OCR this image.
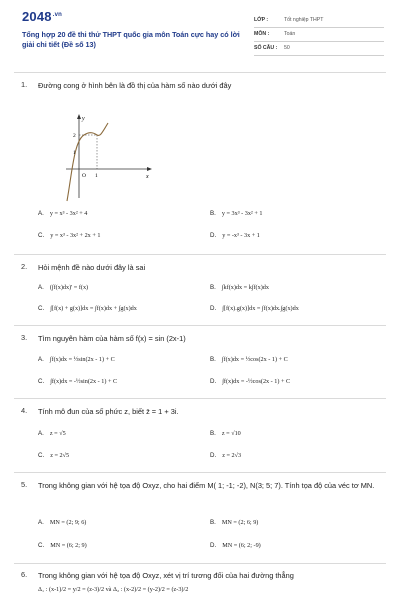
$2048^{.vn}$
Tổng hợp 20 đề thi thử THPT quốc gia môn Toán cực hay có lời giải chi tiết (Đề số 13)
LỚP :	Tốt nghiệp THPT
MÔN :	Toán
SỐ CÂU : 50
1. Đường cong ở hình bên là đồ thị của hàm số nào dưới đây
y
x
O 1
2
1
A. y = x³ - 3x² + 4	B. y = 3x³ - 3x² + 1
C. y = x³ - 3x² + 2x + 1	D. y = -x³ - 3x + 1
2. Hỏi mệnh đề nào dưới đây là sai
A. (∫f(x)dx)' = f(x)	B. ∫kf(x)dx = k∫f(x)dx
C. ∫[f(x) + g(x)]dx = ∫f(x)dx + ∫g(x)dx	D. ∫[f(x).g(x)]dx = ∫f(x)dx.∫g(x)dx
3. Tìm nguyên hàm của hàm số f(x) = sin (2x-1)
A. ∫f(x)dx = ½sin(2x - 1) + C	B. ∫f(x)dx = ½cos(2x - 1) + C
C. ∫f(x)dx = -½sin(2x - 1) + C	D. ∫f(x)dx = -½cos(2x - 1) + C
4. Tính mô đun của số phức z, biết z̄ = 1 + 3i.
A. z = √5	B. z = √10
C. z = 2√5	D. z = 2√3
5. Trong không gian với hệ tọa độ Oxyz, cho hai điểm M( 1; -1; -2), N(3; 5; 7). Tính tọa độ của véc tơ MN.
A. MN = (2; 9; 6)	B. MN = (2; 6; 9)
C. MN = (6; 2; 9)	D. MN = (6; 2; -9)
6. Trong không gian với hệ tọa độ Oxyz, xét vị trí tương đối của hai đường thẳng
Δ₁ : (x-1)/2 = y/2 = (z-3)/2 và Δ₂ : (x-2)/2 = (y-2)/2 = (z-3)/2
